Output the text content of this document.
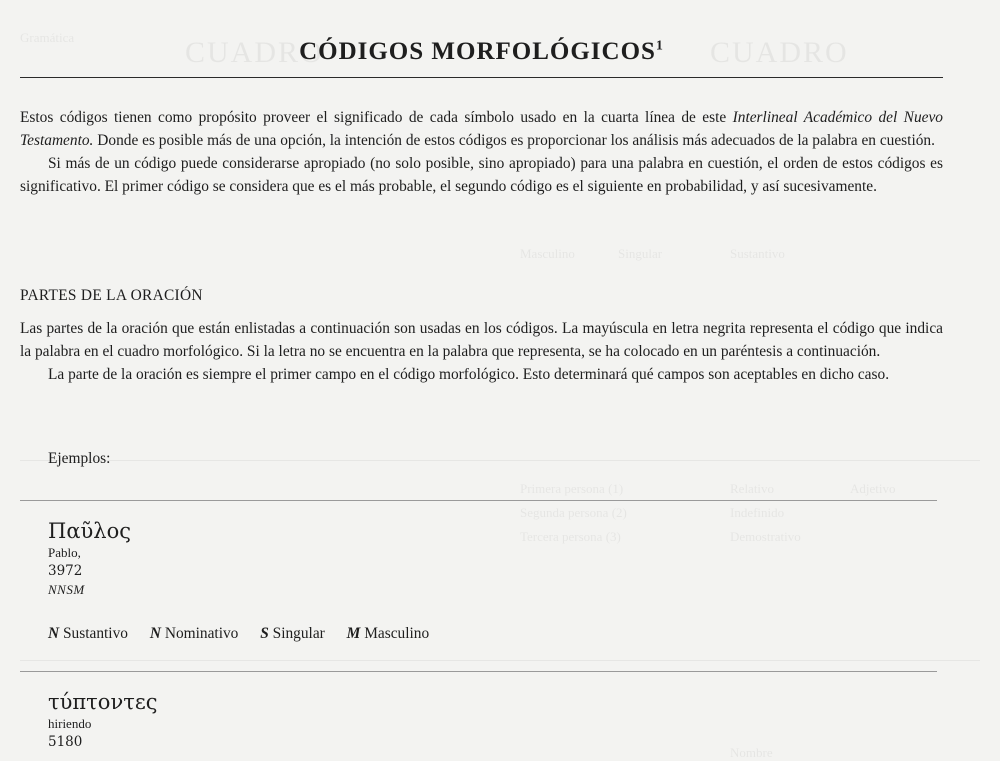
CUADRO	CUADRO
Gramática
Sustantivo
Singular
Masculino
Relativo	Adjetivo
Primera persona (1)
Indefinido
Segunda persona (2)
Demostrativo
Tercera persona (3)
Nombre
CÓDIGOS MORFOLÓGICOS$^1$

Estos códigos tienen como propósito proveer el significado de cada símbolo usado en la cuarta línea de este Interlineal Académico del Nuevo Testamento. Donde es posible más de una opción, la intención de estos códigos es proporcionar los análisis más adecuados de la palabra en cuestión.

Si más de un código puede considerarse apropiado (no solo posible, sino apropiado) para una palabra en cuestión, el orden de estos códigos es significativo. El primer código se considera que es el más probable, el segundo código es el siguiente en probabilidad, y así sucesivamente.

PARTES DE LA ORACIÓN

Las partes de la oración que están enlistadas a continuación son usadas en los códigos. La mayúscula en letra negrita representa el código que indica la palabra en el cuadro morfológico. Si la letra no se encuentra en la palabra que representa, se ha colocado en un paréntesis a continuación.

La parte de la oración es siempre el primer campo en el código morfológico. Esto determinará qué campos son aceptables en dicho caso.

Ejemplos:
Παῦλος
Pablo,
3972
NNSM
N Sustantivo N Nominativo S Singular M Masculino
τύπτοντες
hiriendo
5180
